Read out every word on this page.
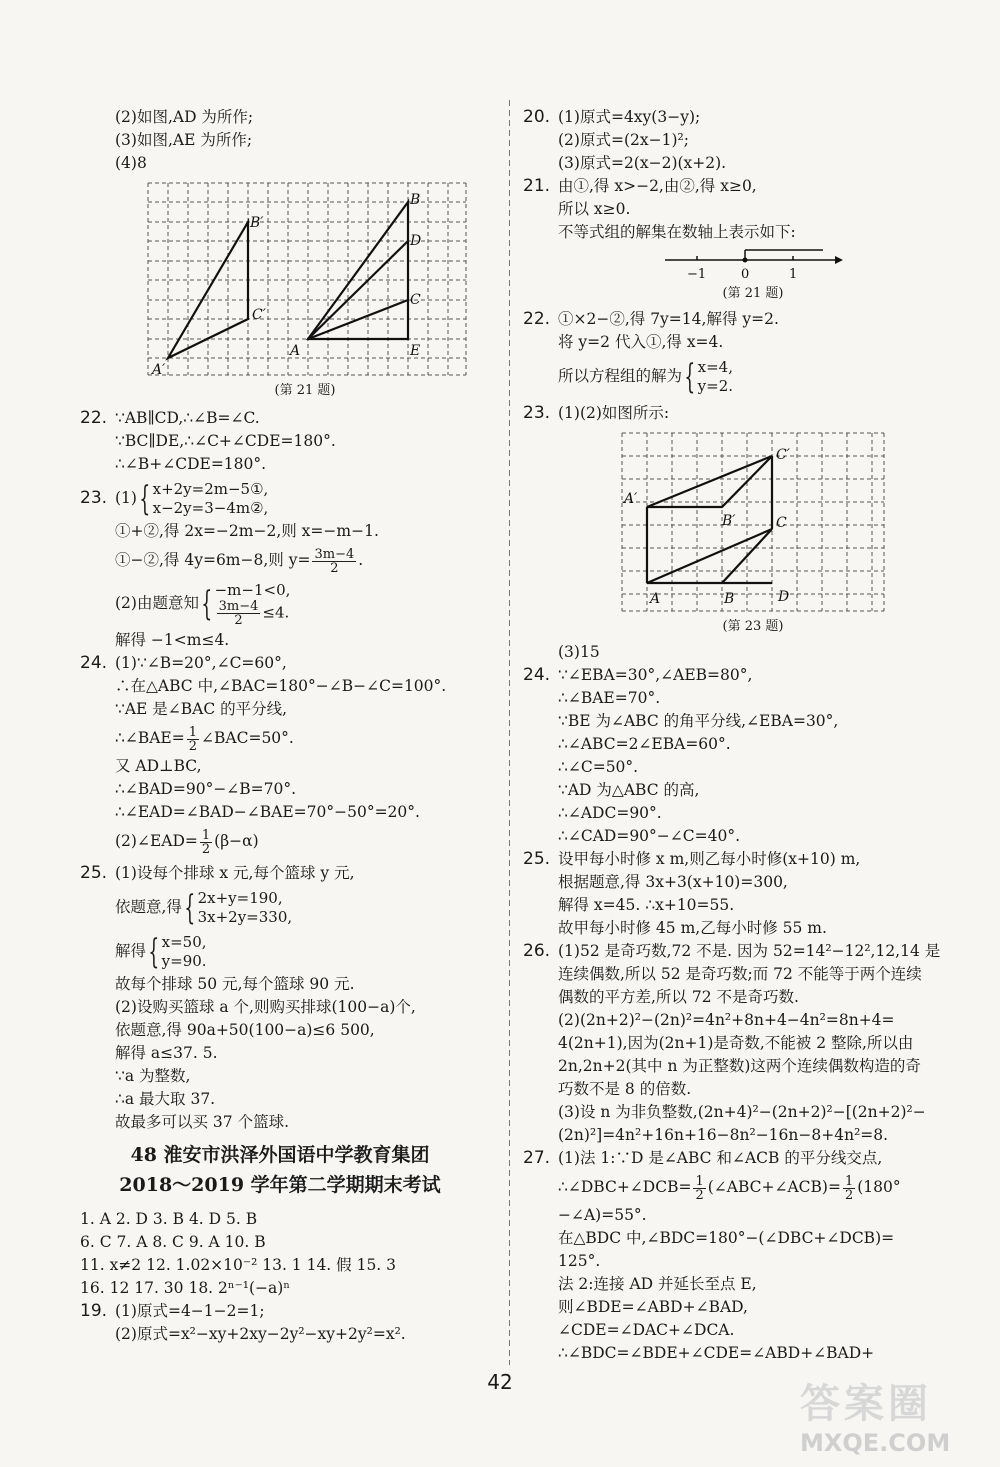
(2)如图,AD 为所作;
(3)如图,AE 为所作;
(4)8
B′
C′
A′
B
D
C
A	E
(第 21 题)
22. ∵AB∥CD,∴∠B=∠C.
∵BC∥DE,∴∠C+∠CDE=180°.
∴∠B+∠CDE=180°.
23. (1){ x+2y=2m−5①,
x−2y=3−4m②,
①+②,得 2x=−2m−2,则 x=−m−1.
①−②,得 4y=6m−8,则 $y= \frac{3m-4}{2}$ .
(2)由题意知{ −m−1<0,
$\frac{3m-4}{2} \le 4$.
解得 −1<m≤4.
24. (1)∵∠B=20°,∠C=60°,
∴在△ABC 中,∠BAC=180°−∠B−∠C=100°.
∵AE 是∠BAC 的平分线,
∴∠BAE= $\frac{1}{2}$ ∠BAC=50°.
又 AD⊥BC,
∴∠BAD=90°−∠B=70°.
∴∠EAD=∠BAD−∠BAE=70°−50°=20°.
(2)∠EAD= $\frac{1}{2} (\beta-\alpha)$
25. (1)设每个排球 x 元,每个篮球 y 元,
依题意,得{ 2x+y=190,
3x+2y=330,
解得{ x=50,
y=90.
故每个排球 50 元,每个篮球 90 元.
(2)设购买篮球 a 个,则购买排球(100−a)个,
依题意,得 90a+50(100−a)≤6 500,
解得 a≤37. 5.
∵a 为整数,
∴a 最大取 37.
故最多可以买 37 个篮球.
48 淮安市洪泽外国语中学教育集团
2018～2019 学年第二学期期末考试
1. A 2. D 3. B 4. D 5. B
6. C 7. A 8. C 9. A 10. B
11. x≠2 12. 1.02×10⁻² 13. 1 14. 假 15. 3
16. 12 17. 30 18. 2ⁿ⁻¹(−a)ⁿ
19. (1)原式=4−1−2=1;
(2)原式=x²−xy+2xy−2y²−xy+2y²=x².
20. (1)原式=4xy(3−y);
(2)原式=(2x−1)²;
(3)原式=2(x−2)(x+2).
21. 由①,得 x>−2,由②,得 x≥0,
所以 x≥0.
不等式组的解集在数轴上表示如下:
−1	0	1
(第 21 题)
22. ①×2−②,得 7y=14,解得 y=2.
将 y=2 代入①,得 x=4.
所以方程组的解为{ x=4,
y=2.
23. (1)(2)如图所示:
C′
A′
B′	C
A	B	D
(第 23 题)
(3)15
24. ∵∠EBA=30°,∠AEB=80°,
∴∠BAE=70°.
∵BE 为∠ABC 的角平分线,∠EBA=30°,
∴∠ABC=2∠EBA=60°.
∴∠C=50°.
∵AD 为△ABC 的高,
∴∠ADC=90°.
∴∠CAD=90°−∠C=40°.
25. 设甲每小时修 x m,则乙每小时修(x+10) m,
根据题意,得 3x+3(x+10)=300,
解得 x=45. ∴x+10=55.
故甲每小时修 45 m,乙每小时修 55 m.
26. (1)52 是奇巧数,72 不是. 因为 52=14²−12²,12,14 是
连续偶数,所以 52 是奇巧数;而 72 不能等于两个连续
偶数的平方差,所以 72 不是奇巧数.
(2)(2n+2)²−(2n)²=4n²+8n+4−4n²=8n+4=
4(2n+1),因为(2n+1)是奇数,不能被 2 整除,所以由
2n,2n+2(其中 n 为正整数)这两个连续偶数构造的奇
巧数不是 8 的倍数.
(3)设 n 为非负整数,(2n+4)²−(2n+2)²−[(2n+2)²−
(2n)²]=4n²+16n+16−8n²−16n−8+4n²=8.
27. (1)法 1:∵D 是∠ABC 和∠ACB 的平分线交点,
∴∠DBC+∠DCB= $\frac{1}{2}$ (∠ABC+∠ACB)= $\frac{1}{2} (180^\circ$
−∠A)=55°.
在△BDC 中,∠BDC=180°−(∠DBC+∠DCB)=
125°.
法 2:连接 AD 并延长至点 E,
则∠BDE=∠ABD+∠BAD,
∠CDE=∠DAC+∠DCA.
∴∠BDC=∠BDE+∠CDE=∠ABD+∠BAD+
42	答案圈
MXQE.COM
